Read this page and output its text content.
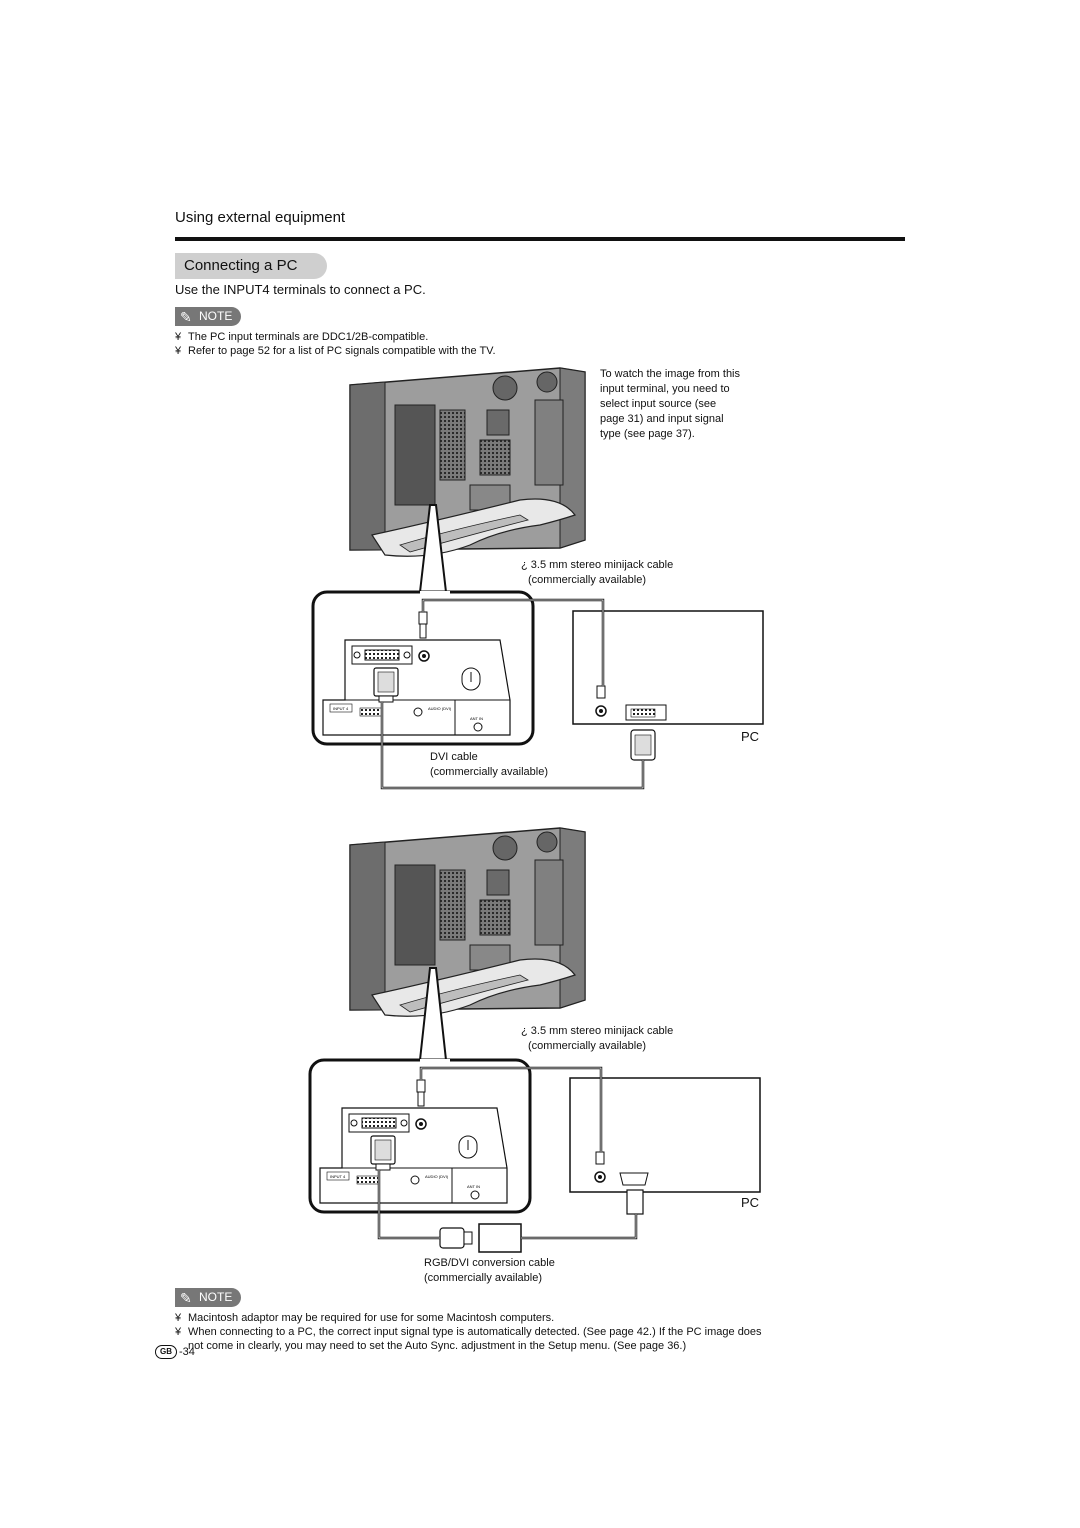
Using external equipment
Connecting a PC
Use the INPUT4 terminals to connect a PC.
✎ NOTE
¥ The PC input terminals are DDC1/2B-compatible.
¥ Refer to page 52 for a list of PC signals compatible with the TV.
To watch the image from this
input terminal, you need to
select input source (see
page 31) and input signal
type (see page 37).
INPUT 4	AUDIO (DVI)
ANT IN
INPUT 4	AUDIO (DVI)
ANT IN
¿ 3.5 mm stereo minijack cable
(commercially available)
PC
DVI cable
(commercially available)
¿ 3.5 mm stereo minijack cable
(commercially available)
PC
RGB/DVI conversion cable
(commercially available)
✎ NOTE
¥ Macintosh adaptor may be required for use for some Macintosh computers.
¥ When connecting to a PC, the correct input signal type is automatically detected. (See page 42.) If the PC image does
not come in clearly, you may need to set the Auto Sync. adjustment in the Setup menu. (See page 36.)
GB -34
